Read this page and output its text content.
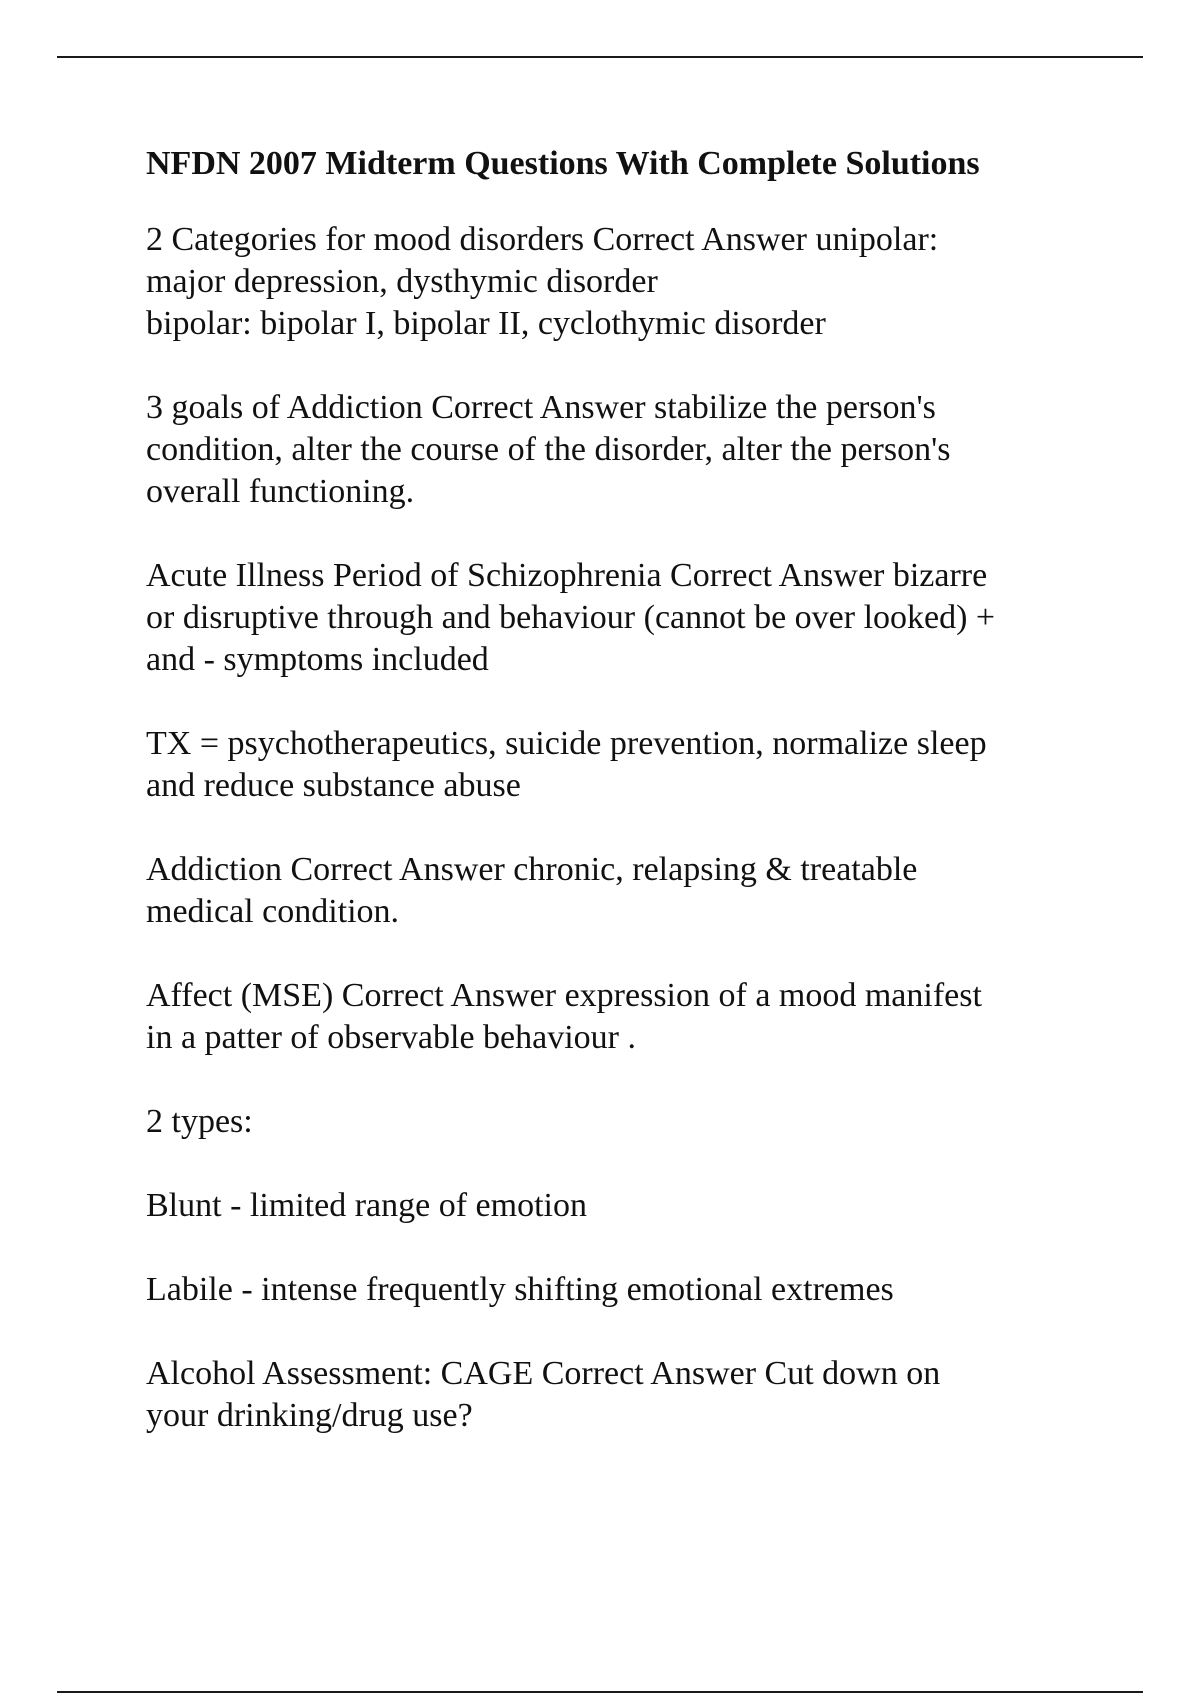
NFDN 2007 Midterm Questions With Complete Solutions
2 Categories for mood disorders Correct Answer unipolar:
major depression, dysthymic disorder
bipolar: bipolar I, bipolar II, cyclothymic disorder
3 goals of Addiction Correct Answer stabilize the person's
condition, alter the course of the disorder, alter the person's
overall functioning.
Acute Illness Period of Schizophrenia Correct Answer bizarre
or disruptive through and behaviour (cannot be over looked) +
and - symptoms included
TX = psychotherapeutics, suicide prevention, normalize sleep
and reduce substance abuse
Addiction Correct Answer chronic, relapsing & treatable
medical condition.
Affect (MSE) Correct Answer expression of a mood manifest
in a patter of observable behaviour .
2 types:
Blunt - limited range of emotion
Labile - intense frequently shifting emotional extremes
Alcohol Assessment: CAGE Correct Answer Cut down on
your drinking/drug use?
